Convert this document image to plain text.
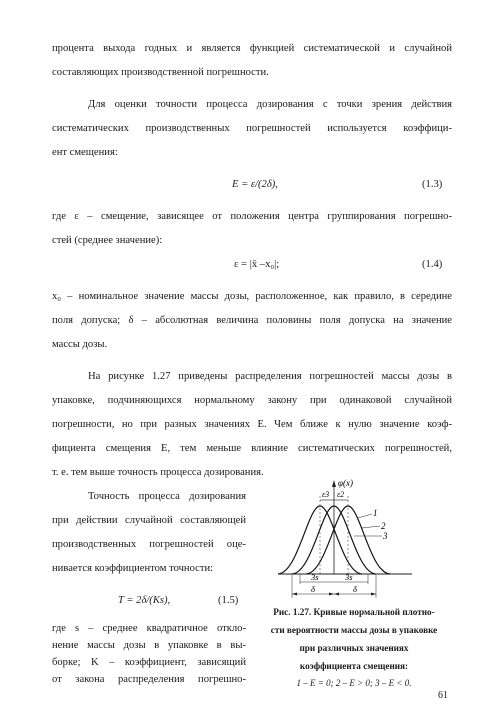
процента выхода годных и является функцией систематической и случайной
составляющих производственной погрешности.
Для оценки точности процесса дозирования с точки зрения действия
систематических производственных погрешностей используется коэффици-
ент смещения:
E = ε/(2δ),	(1.3)
где ε – смещение, зависящее от положения центра группирования погрешно-
стей (среднее значение):
ε = |x̄ –x₀|;	(1.4)
x₀ – номинальное значение массы дозы, расположенное, как правило, в середине
поля допуска; δ – абсолютная величина половины поля допуска на значение
массы дозы.
На рисунке 1.27 приведены распределения погрешностей массы дозы в
упаковке, подчиняющихся нормальному закону при одинаковой случайной
погрешности, но при разных значениях E. Чем ближе к нулю значение коэф-
фициента смещения E, тем меньше влияние систематических погрешностей,
т. е. тем выше точность процесса дозирования.
Точность процесса дозирования
при действии случайной составляющей
производственных погрешностей оце-
нивается коэффициентом точности:
T = 2δ/(Ks),	(1.5)
где s – среднее квадратичное откло-
нение массы дозы в упаковке в вы-
борке; K – коэффициент, зависящий
от закона распределения погрешно-
φ(x)
ε3 ε2
1
2
3
3s	3s
δ	δ
Рис. 1.27. Кривые нормальной плотно-
сти вероятности массы дозы в упаковке
при различных значениях
коэффициента смещения:
1 – E = 0; 2 – E > 0; 3 – E < 0.
61
